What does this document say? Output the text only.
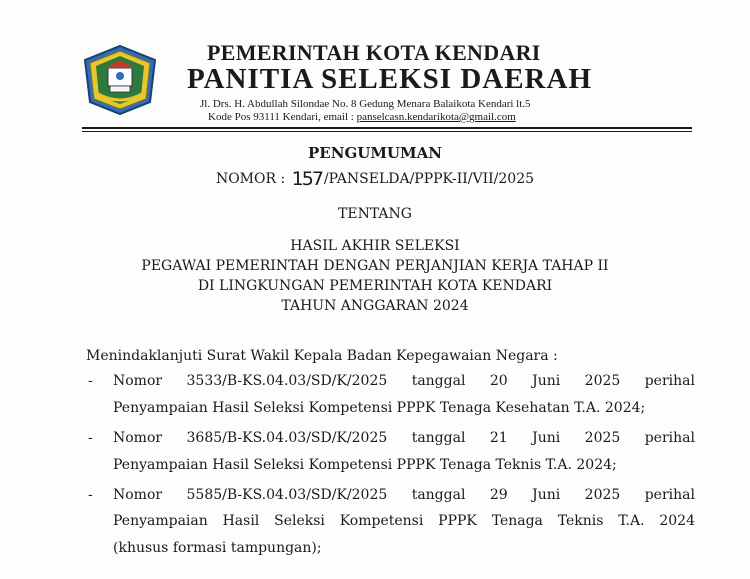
PEMERINTAH KOTA KENDARI
PANITIA SELEKSI DAERAH
Jl. Drs. H. Abdullah Silondae No. 8 Gedung Menara Balaikota Kendari lt.5
Kode Pos 93111 Kendari, email : panselcasn.kendarikota@gmail.com
PENGUMUMAN
NOMOR : 157 /PANSELDA/PPPK-II/VII/2025
TENTANG
HASIL AKHIR SELEKSI
PEGAWAI PEMERINTAH DENGAN PERJANJIAN KERJA TAHAP II
DI LINGKUNGAN PEMERINTAH KOTA KENDARI
TAHUN ANGGARAN 2024
Menindaklanjuti Surat Wakil Kepala Badan Kepegawaian Negara :
- Nomor 3533/B-KS.04.03/SD/K/2025 tanggal 20 Juni 2025 perihal
Penyampaian Hasil Seleksi Kompetensi PPPK Tenaga Kesehatan T.A. 2024;
- Nomor 3685/B-KS.04.03/SD/K/2025 tanggal 21 Juni 2025 perihal
Penyampaian Hasil Seleksi Kompetensi PPPK Tenaga Teknis T.A. 2024;
- Nomor 5585/B-KS.04.03/SD/K/2025 tanggal 29 Juni 2025 perihal
Penyampaian Hasil Seleksi Kompetensi PPPK Tenaga Teknis T.A. 2024
(khusus formasi tampungan);
